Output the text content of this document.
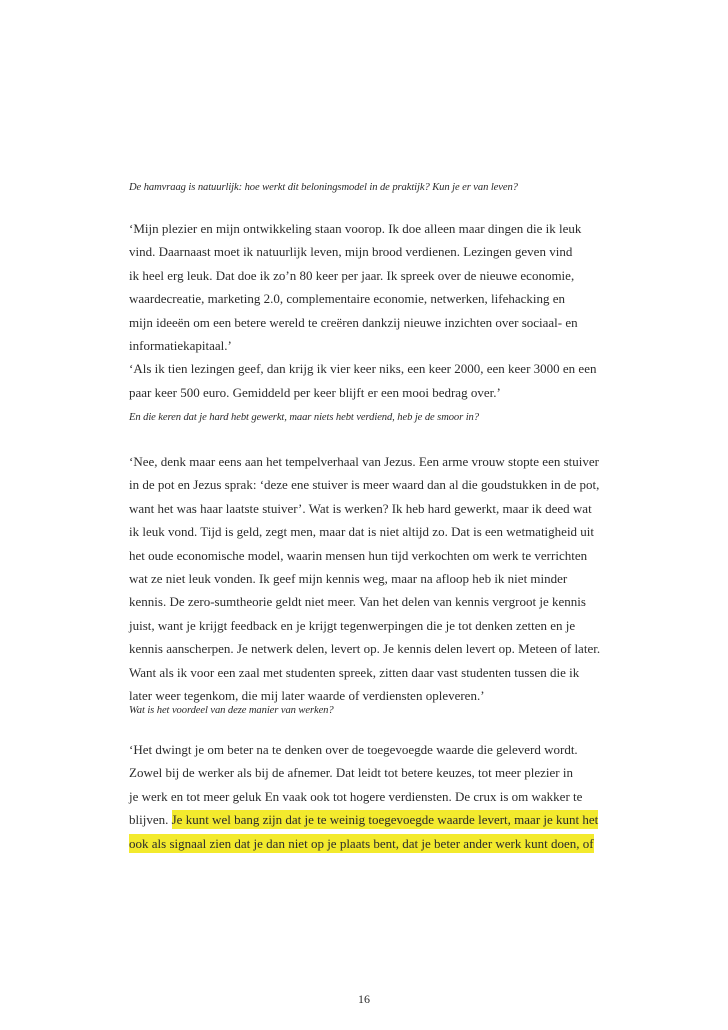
De hamvraag is natuurlijk: hoe werkt dit beloningsmodel in de praktijk? Kun je er van leven?

‘Mijn plezier en mijn ontwikkeling staan voorop. Ik doe alleen maar dingen die ik leuk
vind. Daarnaast moet ik natuurlijk leven, mijn brood verdienen. Lezingen geven vind
ik heel erg leuk. Dat doe ik zo’n 80 keer per jaar. Ik spreek over de nieuwe economie,
waardecreatie, marketing 2.0, complementaire economie, netwerken, lifehacking en
mijn ideeën om een betere wereld te creëren dankzij nieuwe inzichten over sociaal- en
informatiekapitaal.’
‘Als ik tien lezingen geef, dan krijg ik vier keer niks, een keer 2000, een keer 3000 en een
paar keer 500 euro. Gemiddeld per keer blijft er een mooi bedrag over.’

En die keren dat je hard hebt gewerkt, maar niets hebt verdiend, heb je de smoor in?

‘Nee, denk maar eens aan het tempelverhaal van Jezus. Een arme vrouw stopte een stuiver
in de pot en Jezus sprak: ‘deze ene stuiver is meer waard dan al die goudstukken in de pot,
want het was haar laatste stuiver’. Wat is werken? Ik heb hard gewerkt, maar ik deed wat
ik leuk vond. Tijd is geld, zegt men, maar dat is niet altijd zo. Dat is een wetmatigheid uit
het oude economische model, waarin mensen hun tijd verkochten om werk te verrichten
wat ze niet leuk vonden. Ik geef mijn kennis weg, maar na afloop heb ik niet minder
kennis. De zero-sumtheorie geldt niet meer. Van het delen van kennis vergroot je kennis
juist, want je krijgt feedback en je krijgt tegenwerpingen die je tot denken zetten en je
kennis aanscherpen. Je netwerk delen, levert op. Je kennis delen levert op. Meteen of later.
Want als ik voor een zaal met studenten spreek, zitten daar vast studenten tussen die ik
later weer tegenkom, die mij later waarde of verdiensten opleveren.’

Wat is het voordeel van deze manier van werken?

‘Het dwingt je om beter na te denken over de toegevoegde waarde die geleverd wordt.
Zowel bij de werker als bij de afnemer. Dat leidt tot betere keuzes, tot meer plezier in
je werk en tot meer geluk En vaak ook tot hogere verdiensten. De crux is om wakker te
blijven. Je kunt wel bang zijn dat je te weinig toegevoegde waarde levert, maar je kunt het
ook als signaal zien dat je dan niet op je plaats bent, dat je beter ander werk kunt doen, of
16
